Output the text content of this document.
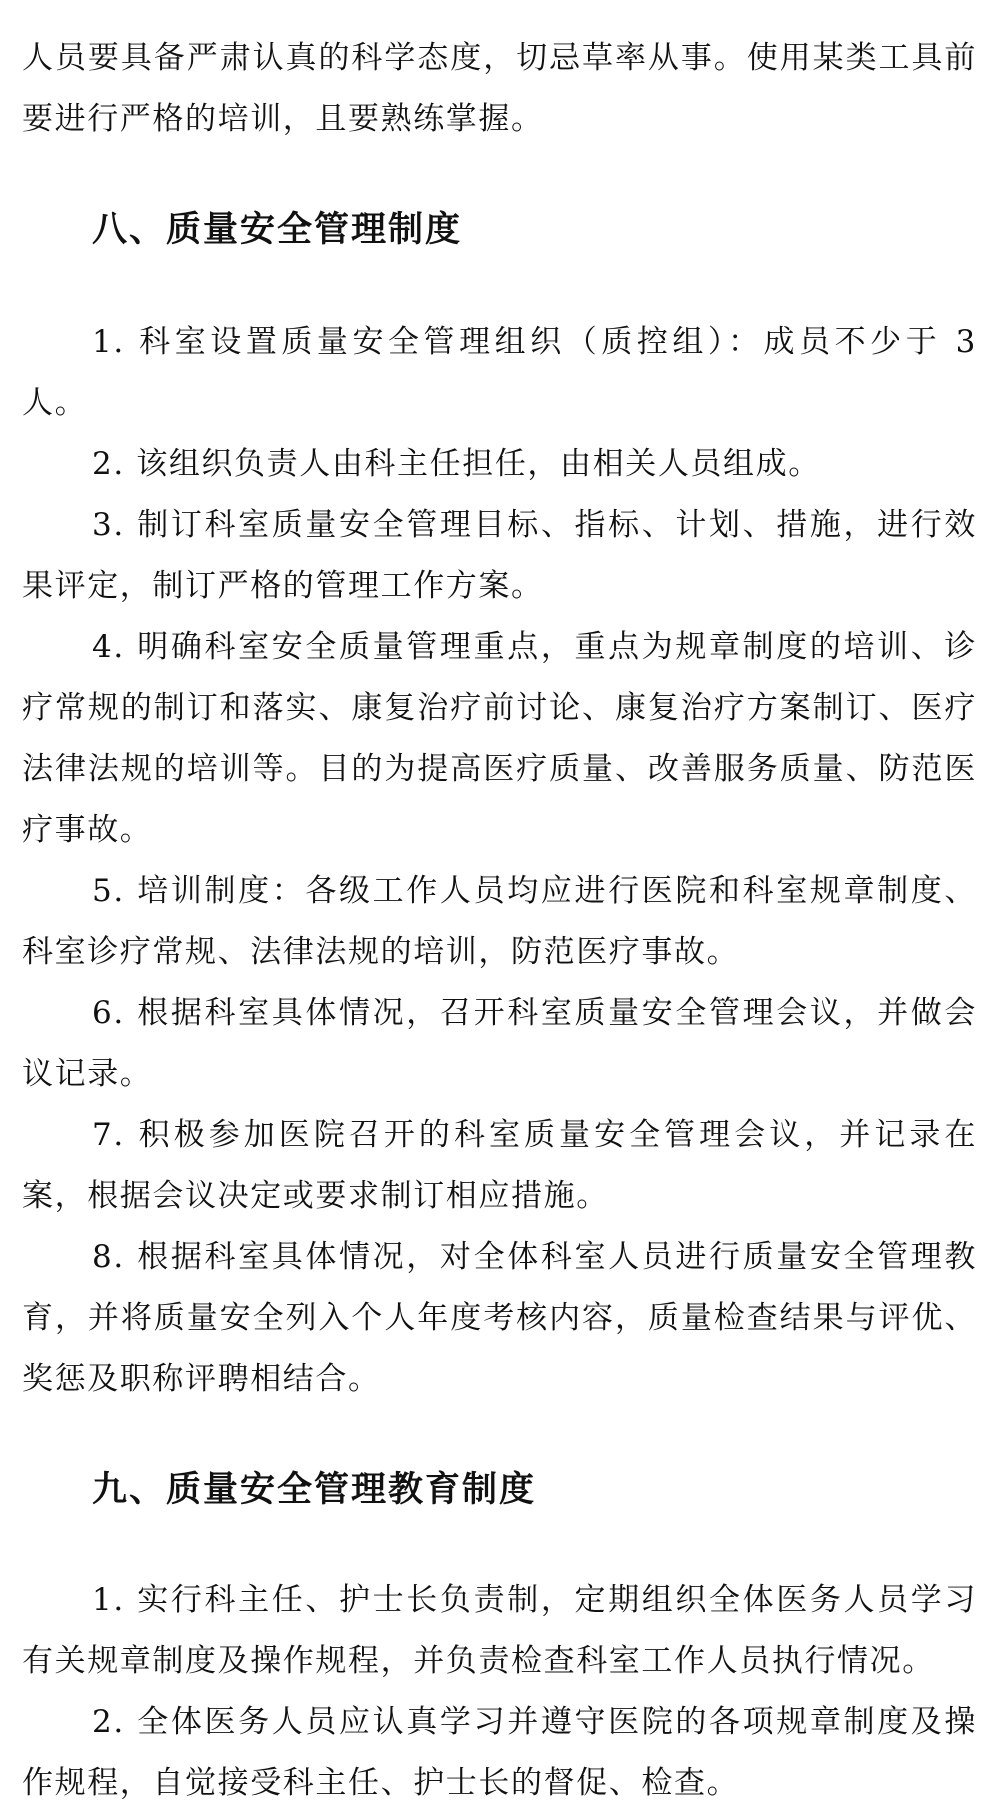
人员要具备严肃认真的科学态度，切忌草率从事。使用某类工具前要进行严格的培训，且要熟练掌握。

八、质量安全管理制度

1. 科室设置质量安全管理组织（质控组）：成员不少于 3 人。

2. 该组织负责人由科主任担任，由相关人员组成。

3. 制订科室质量安全管理目标、指标、计划、措施，进行效果评定，制订严格的管理工作方案。

4. 明确科室安全质量管理重点，重点为规章制度的培训、诊疗常规的制订和落实、康复治疗前讨论、康复治疗方案制订、医疗法律法规的培训等。目的为提高医疗质量、改善服务质量、防范医疗事故。

5. 培训制度：各级工作人员均应进行医院和科室规章制度、科室诊疗常规、法律法规的培训，防范医疗事故。

6. 根据科室具体情况，召开科室质量安全管理会议，并做会议记录。

7. 积极参加医院召开的科室质量安全管理会议，并记录在案，根据会议决定或要求制订相应措施。

8. 根据科室具体情况，对全体科室人员进行质量安全管理教育，并将质量安全列入个人年度考核内容，质量检查结果与评优、奖惩及职称评聘相结合。

九、质量安全管理教育制度

1. 实行科主任、护士长负责制，定期组织全体医务人员学习有关规章制度及操作规程，并负责检查科室工作人员执行情况。

2. 全体医务人员应认真学习并遵守医院的各项规章制度及操作规程，自觉接受科主任、护士长的督促、检查。
